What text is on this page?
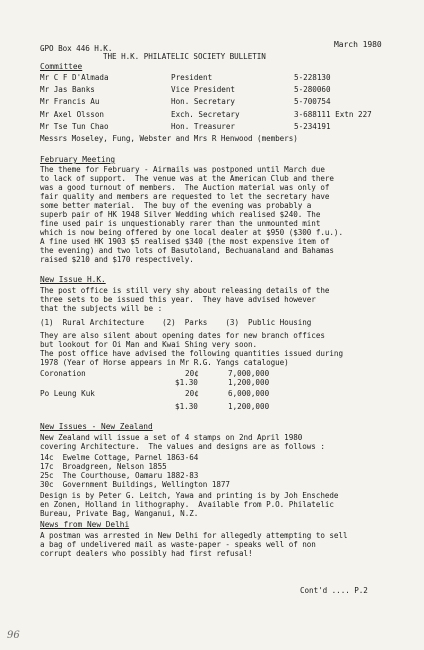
GPO Box 446 H.K.	March 1980
THE H.K. PHILATELIC SOCIETY BULLETIN
Committee
Mr C F D'Almada	President	5-228130
Mr Jas Banks	Vice President	5-280060
Mr Francis Au	Hon. Secretary	5-700754
Mr Axel Olsson	Exch. Secretary	3-688111 Extn 227
Mr Tse Tun Chao	Hon. Treasurer	5-234191
Messrs Moseley, Fung, Webster and Mrs R Henwood (members)
February Meeting
The theme for February - Airmails was postponed until March due
to lack of support.  The venue was at the American Club and there
was a good turnout of members.  The Auction material was only of
fair quality and members are requested to let the secretary have
some better material.  The buy of the evening was probably a
superb pair of HK 1948 Silver Wedding which realised $240. The
fine used pair is unquestionably rarer than the unmounted mint
which is now being offered by one local dealer at $950 ($300 f.u.).
A fine used HK 1903 $5 realised $340 (the most expensive item of
the evening) and two lots of Basutoland, Bechuanaland and Bahamas
raised $210 and $170 respectively.
New Issue H.K.
The post office is still very shy about releasing details of the
three sets to be issued this year.  They have advised however
that the subjects will be :
(1)  Rural Architecture    (2)  Parks    (3)  Public Housing
They are also silent about opening dates for new branch offices
but lookout for Oi Man and Kwai Shing very soon.
The post office have advised the following quantities issued during
1978 (Year of Horse appears in Mr R.G. Yangs catalogue)
Coronation	20¢	7,000,000
$1.30	1,200,000
Po Leung Kuk	20¢	6,000,000
$1.30	1,200,000
New Issues - New Zealand
New Zealand will issue a set of 4 stamps on 2nd April 1980
covering Architecture.  The values and designs are as follows :
14c  Ewelme Cottage, Parnel 1863-64
17c  Broadgreen, Nelson 1855
25c  The Courthouse, Oamaru 1882-83
30c  Government Buildings, Wellington 1877
Design is by Peter G. Leitch, Yawa and printing is by Joh Enschede
en Zonen, Holland in lithography.  Available from P.O. Philatelic
Bureau, Private Bag, Wanganui, N.Z.
News from New Delhi
A postman was arrested in New Delhi for allegedly attempting to sell
a bag of undelivered mail as waste-paper - speaks well of non
corrupt dealers who possibly had first refusal!
Cont'd .... P.2
96
